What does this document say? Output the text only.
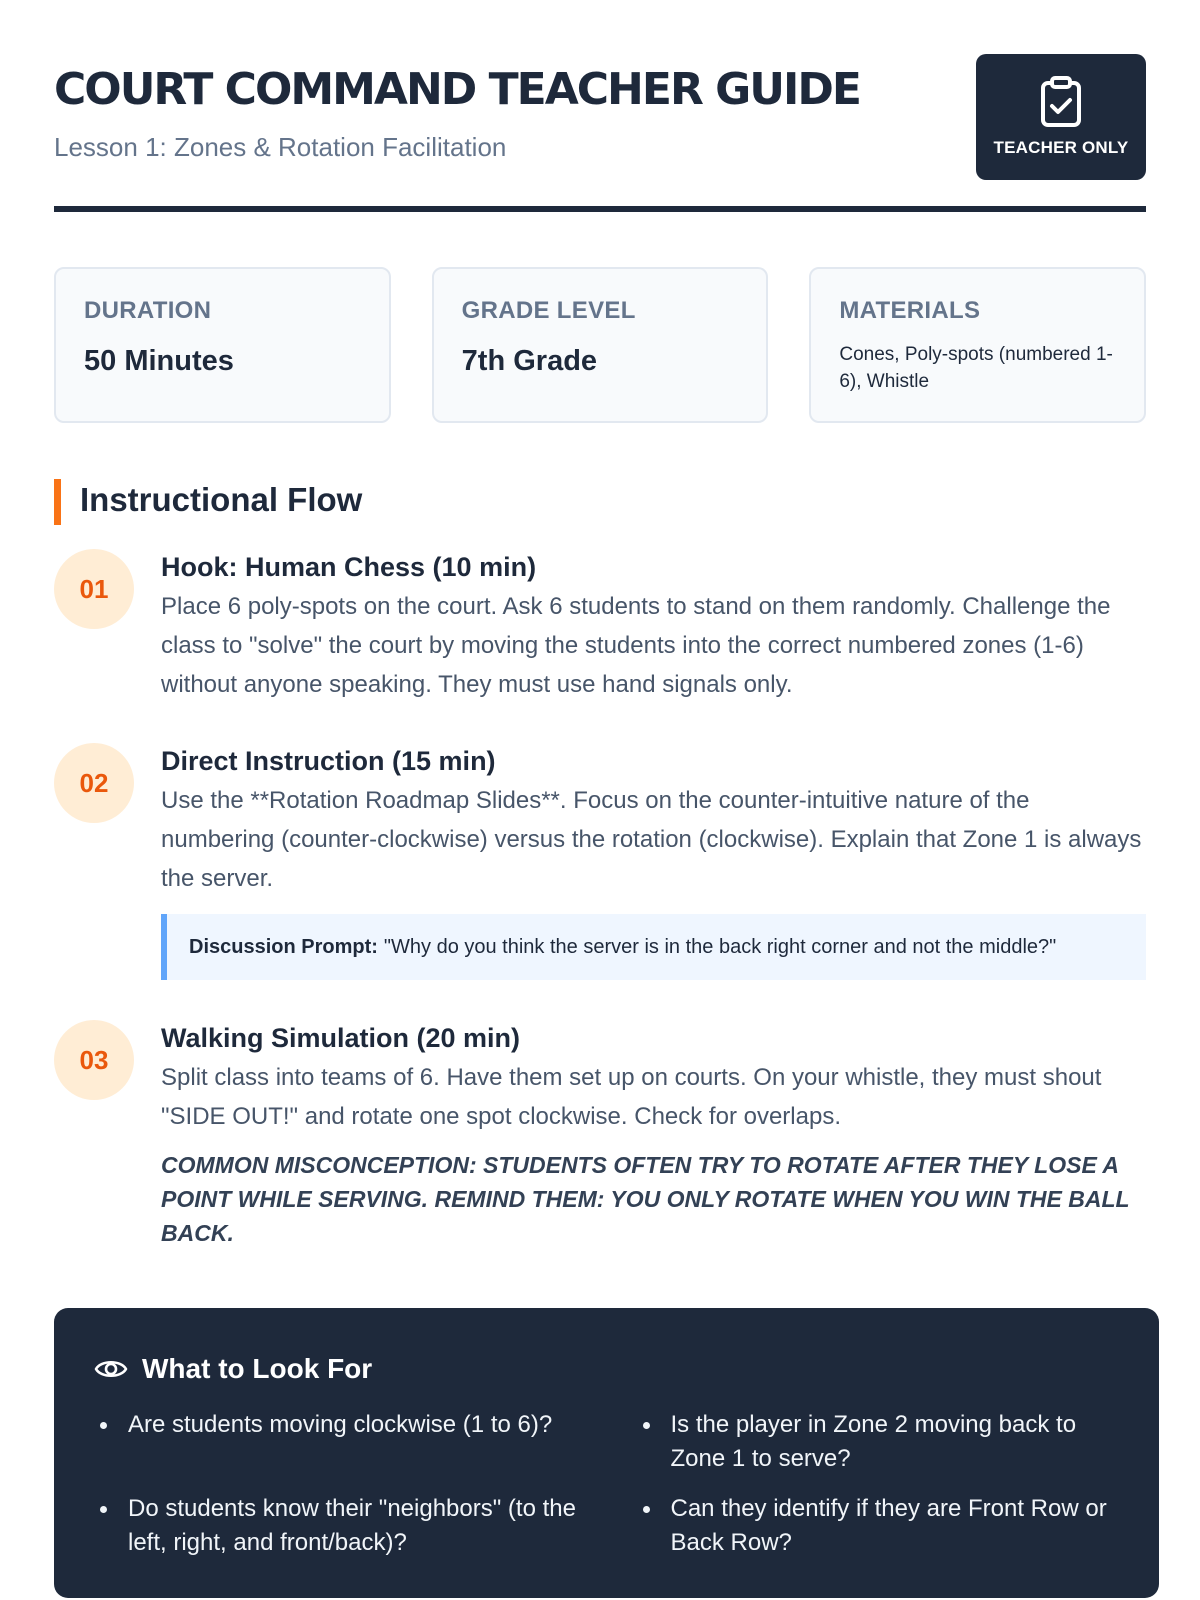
COURT COMMAND TEACHER GUIDE
Lesson 1: Zones & Rotation Facilitation	TEACHER ONLY
DURATION
50 Minutes
GRADE LEVEL
7th Grade
MATERIALS
Cones, Poly-spots (numbered 1-6), Whistle
Instructional Flow
01
Hook: Human Chess (10 min)

Place 6 poly-spots on the court. Ask 6 students to stand on them randomly. Challenge the class to "solve" the court by moving the students into the correct numbered zones (1-6) without anyone speaking. They must use hand signals only.

02
Direct Instruction (15 min)

Use the **Rotation Roadmap Slides**. Focus on the counter-intuitive nature of the numbering (counter-clockwise) versus the rotation (clockwise). Explain that Zone 1 is always the server.

Discussion Prompt: "Why do you think the server is in the back right corner and not the middle?"
03
Walking Simulation (20 min)

Split class into teams of 6. Have them set up on courts. On your whistle, they must shout "SIDE OUT!" and rotate one spot clockwise. Check for overlaps.

COMMON MISCONCEPTION: STUDENTS OFTEN TRY TO ROTATE AFTER THEY LOSE A POINT WHILE SERVING. REMIND THEM: YOU ONLY ROTATE WHEN YOU WIN THE BALL BACK.
What to Look For
Are students moving clockwise (1 to 6)?	Is the player in Zone 2 moving back to Zone 1 to serve?
Do students know their "neighbors" (to the left, right, and front/back)?
Can they identify if they are Front Row or Back Row?
